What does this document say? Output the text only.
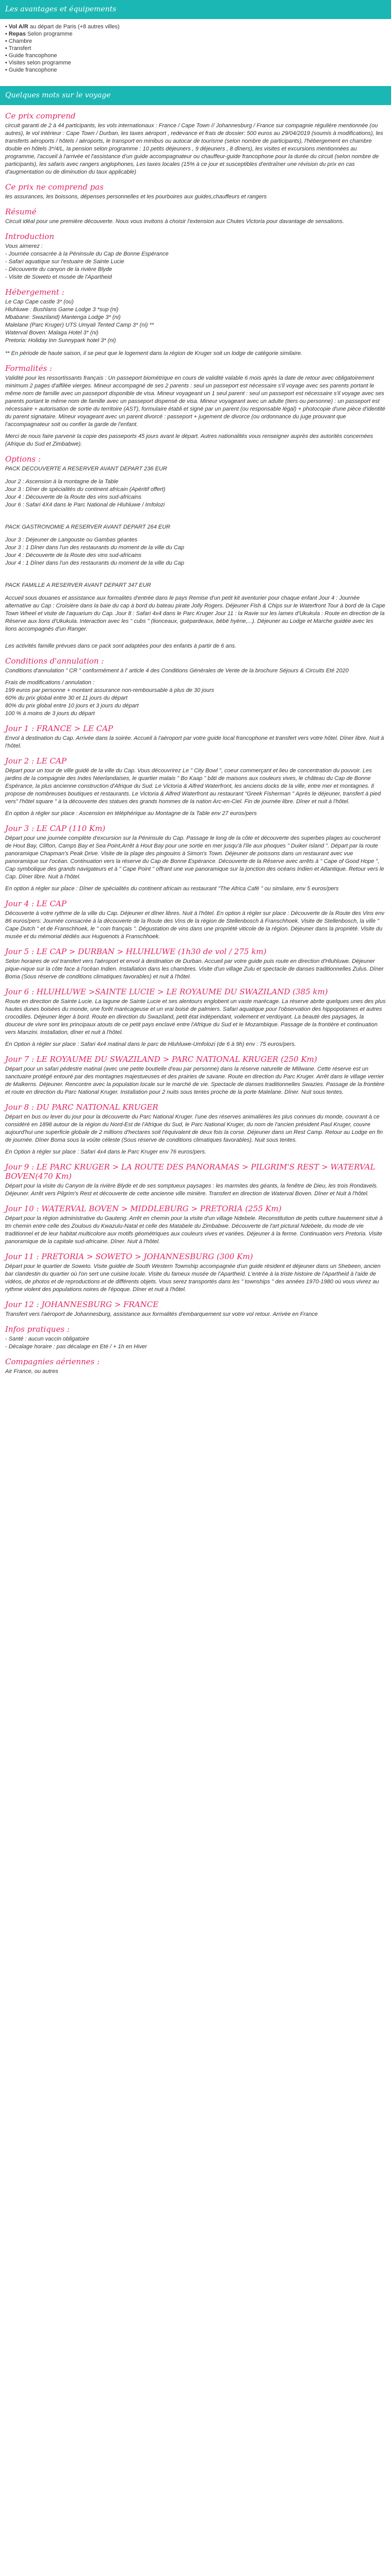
Les avantages et équipements
• Vol A/R au départ de Paris (+8 autres villes)
• Repas Selon programme
• Chambre
• Transfert
• Guide francophone
• Visites selon programme
• Guide francophone
Quelques mots sur le voyage
Ce prix comprend

circuit garanti de 2 à 44 participants, les vols internationaux : France / Cape Town // Johannesburg / France sur compagnie régulière mentionnée (ou autres), le vol intérieur : Cape Town / Durban, les taxes aéroport , redevance et frais de dossier: 500 euros au 29/04/2019 (soumis à modifications), les transferts aéroports / hôtels / aéroports, le transport en minibus ou autocar de tourisme (selon nombre de participants), l'hébergement en chambre double en hôtels 3*/4/L, la pension selon programme : 10 petits déjeuners , 9 déjeuners , 8 dîners), les visites et excursions mentionnées au programme, l'accueil à l'arrivée et l'assistance d'un guide accompagnateur ou chauffeur-guide francophone pour la durée du circuit (selon nombre de participants), les safaris avec rangers anglophones, Les taxes locales (15% à ce jour et susceptibles d'entraîner une révision du prix en cas d'augmentation ou de diminution du taux applicable)

Ce prix ne comprend pas

les assurances, les boissons, dépenses personnelles et les pourboires aux guides,chauffeurs et rangers

Résumé

Circuit idéal pour une première découverte. Nous vous invitons à choisir l'extension aux Chutes Victoria pour davantage de sensations.

Introduction
Vous aimerez :
- Journée consacrée à la Péninsule du Cap de Bonne Espérance
- Safari aquatique sur l'estuaire de Sainte Lucie
- Découverte du canyon de la rivière Blyde
- Visite de Soweto et musée de l'Apartheid
Hébergement :
Le Cap Cape castle 3* (ou)
Hluhluwe : Bushlans Game Lodge 3 *sup (ni)
Mbabane: Swaziland) Mantenga Lodge 3* (ni)
Malelane (Parc Kruger) UTS Umyali Tented Camp 3* (ni) **
Waterval Boven: Malaga Hotel 3* (ni)
Pretoria: Holiday Inn Sunnypark hotel 3* (ni)
** En période de haute saison, il se peut que le logement dans la région de Kruger soit un lodge de catégorie similaire.
Formalités :

Validité pour les ressortissants français : Un passeport biométrique en cours de validité valable 6 mois après la date de retour avec obligatoirement minimum 2 pages d'affilée vierges. Mineur accompagné de ses 2 parents : seul un passeport est nécessaire s'il voyage avec ses parents portant le même nom de famille avec un passeport disponible de visa. Mineur voyageant un 1 seul parent : seul un passeport est nécessaire s'il voyage avec ses parents portant le même nom de famille avec un passeport dispensé de visa. Mineur voyageant avec un adulte (tiers ou personne) : un passeport est nécessaire + autorisation de sortie du territoire (AST), formulaire établi et signé par un parent (ou responsable légal) + photocopie d'une pièce d'identité du parent signataire. Mineur voyageant avec un parent divorcé : passeport + jugement de divorce (ou ordonnance du juge prouvant que l'accompagnateur soit ou confier la garde de l'enfant.

Merci de nous faire parvenir la copie des passeports 45 jours avant le départ. Autres nationalités vous renseigner auprès des autorités concernées (Afrique du Sud et Zimbabwe).

Options :
PACK DECOUVERTE A RESERVER AVANT DEPART 236 EUR
Jour 2 : Ascension à la montagne de la Table
Jour 3 : Dîner de spécialités du continent africain (Apéritif offert)
Jour 4 : Découverte de la Route des vins sud-africains
Jour 6 : Safari 4X4 dans le Parc National de Hluhluwe / Imfolozi
PACK GASTRONOMIE A RESERVER AVANT DEPART 264 EUR
Jour 3 : Déjeuner de Langouste ou Gambas géantes
Jour 3 : 1 Dîner dans l'un des restaurants du moment de la ville du Cap
Jour 4 : Découverte de la Route des vins sud-africains
Jour 4 : 1 Dîner dans l'un des restaurants du moment de la ville du Cap
PACK FAMILLE A RESERVER AVANT DEPART 347 EUR

Accueil sous douanes et assistance aux formalités d'entrée dans le pays Remise d'un petit kit aventurier pour chaque enfant Jour 4 : Journée alternative au Cap : Croisière dans la baie du cap à bord du bateau pirate Jolly Rogers. Déjeuner Fish & Chips sur le Waterfront Tour à bord de la Cape Town Wheel et visite de l'aquarium du Cap. Jour 8 : Safari 4x4 dans le Parc Kruger Jour 11 : la Ravie sur les lames d'Ukukula : Route en direction de la Réserve aux lions d'Ukukula. Interaction avec les " cubs " (lionceaux, guépardeaux, bébé hyène,...). Déjeuner au Lodge et Marche guidée avec les lions accompagnés d'un Ranger.

Les activités famille prévues dans ce pack sont adaptées pour des enfants à partir de 6 ans.

Conditions d'annulation :

Conditions d'annulation " CR " conformément à l' article 4 des Conditions Générales de Vente de la brochure Séjours & Circuits Eté 2020

Frais de modifications / annulation :
199 euros par personne + montant assurance non-remboursable à plus de 30 jours
60% du prix global entre 30 et 11 jours du départ
80% du prix global entre 10 jours et 3 jours du départ
100 % à moins de 3 jours du départ
Jour 1 : FRANCE > LE CAP

Envol à destination du Cap. Arrivée dans la soirée. Accueil à l'aéroport par votre guide local francophone et transfert vers votre hôtel. Dîner libre. Nuit à l'hôtel.

Jour 2 : LE CAP

Départ pour un tour de ville guidé de la ville du Cap. Vous découvrirez Le " City Bowl ", coeur commerçant et lieu de concentration du pouvoir. Les jardins de la compagnie des Indes Néerlandaises, le quartier malais " Bo Kaap " bâti de maisons aux couleurs vives, le château du Cap de Bonne Espérance, la plus ancienne construction d'Afrique du Sud. Le Victoria & Alfred Waterfront, les anciens docks de la ville, entre mer et montagnes. Il propose de nombreuses boutiques et restaurants. Le Victoria & Alfred Waterfront au restaurant "Greek Fisherman " Après le déjeuner, transfert à pied vers" l'hôtel square " à la découverte des statues des grands hommes de la nation Arc-en-Ciel. Fin de journée libre. Dîner et nuit à l'hôtel.

En option à régler sur place : Ascension en téléphérique au Montagne de la Table env 27 euros/pers

Jour 3 : LE CAP (110 Km)

Départ pour une journée complète d'excursion sur la Péninsule du Cap. Passage le long de la côte et découverte des superbes plages au coucheront de Hout Bay, Clifton, Camps Bay et Sea Point,Arrêt à Hout Bay pour une sortie en mer jusqu'à l'île aux phoques " Duiker Island ". Départ par la route panoramique Chapman's Peak Drive. Visite de la plage des pingouins à Simon's Town. Déjeuner de poissons dans un restaurant avec vue panoramique sur l'océan. Continuation vers la réserve du Cap de Bonne Espérance. Découverte de la Réserve avec arrêts à " Cape of Good Hope ", Cap symbolique des grands navigateurs et à " Cape Point " offrant une vue panoramique sur la jonction des océans Indien et Atlantique. Retour vers le Cap. Dîner libre. Nuit à l'hôtel.

En option à régler sur place : Dîner de spécialités du continent africain au restaurant "The Africa Café " ou similaire, env 5 euros/pers

Jour 4 : LE CAP

Découverte à votre rythme de la ville du Cap. Déjeuner et dîner libres. Nuit à l'hôtel. En option à régler sur place : Découverte de la Route des Vins env 86 euros/pers: Journée consacrée à la découverte de la Route des Vins de la région de Stellenbosch à Franschhoek. Visite de Stellenbosch, la ville " Cape Dutch " et de Franschhoek, le " coin français ". Dégustation de vins dans une propriété viticole de la région. Déjeuner dans la propriété. Visite du musée et du mémorial dédiés aux Huguenots à Franschhoek.

Jour 5 : LE CAP > DURBAN > HLUHLUWE (1h30 de vol / 275 km)

Selon horaires de vol transfert vers l'aéroport et envol à destination de Durban. Accueil par votre guide puis route en direction d'Hluhluwe. Déjeuner pique-nique sur la côte face à l'océan Indien. Installation dans les chambres. Visite d'un village Zulu et spectacle de danses traditionnelles Zulus. Dîner Boma (Sous réserve de conditions climatiques favorables) et nuit à l'hôtel.

Jour 6 : HLUHLUWE >SAINTE LUCIE > LE ROYAUME DU SWAZILAND (385 km)

Route en direction de Sainte Lucie. La lagune de Sainte Lucie et ses alentours englobent un vaste marécage. La réserve abrite quelques unes des plus hautes dunes boisées du monde, une forêt marécageuse et un vrai boisé de palmiers. Safari aquatique pour l'observation des hippopotames et autres crocodiles. Déjeuner léger à bord. Route en direction du Swaziland, petit état indépendant, voilement et verdoyant. La beauté des paysages, la douceur de vivre sont les principaux atouts de ce petit pays enclavé entre l'Afrique du Sud et le Mozambique. Passage de la frontière et continuation vers Manzini. Installation, dîner et nuit à l'hôtel.

En Option à régler sur place : Safari 4x4 matinal dans le parc de Hluhluwe-Umfolozi (de 6 à 9h) env : 75 euros/pers.

Jour 7 : LE ROYAUME DU SWAZILAND > PARC NATIONAL KRUGER (250 Km)

Départ pour un safari pédestre matinal (avec une petite boutielle d'eau par personne) dans la réserve naturelle de Mlilwane. Cette réserve est un sanctuaire protégé entouré par des montagnes majestueuses et des prairies de savane. Route en direction du Parc Kruger. Arrêt dans le village verrier de Malkerns. Déjeuner. Rencontre avec la population locale sur le marché de vie. Spectacle de danses traditionnelles Swazies. Passage de la frontière et route en direction du Parc National Kruger. Installation pour 2 nuits sous tentes proche de la porte Malelane. Dîner. Nuit sous tentes.

Jour 8 : DU PARC NATIONAL KRUGER

Départ en bus ou lever du jour pour la découverte du Parc National Kruger. l'une des réserves animalières les plus connues du monde, couvrant à ce considéré en 1898 autour de la région du Nord-Est de l'Afrique du Sud, le Parc National Kruger, du nom de l'ancien président Paul Kruger, couvre aujourd'hui une superficie globale de 2 millions d'hectares soit l'équivalent de deux fois la corse. Déjeuner dans un Rest Camp. Retour au Lodge en fin de journée. Dîner Boma sous la voûte céleste (Sous réserve de conditions climatiques favorables). Nuit sous tentes.

En Option à régler sur place : Safari 4x4 dans le Parc Kruger env 76 euros/pers.

Jour 9 : LE PARC KRUGER > LA ROUTE DES PANORAMAS > PILGRIM'S REST > WATERVAL BOVEN(470 Km)

Départ pour la visite du Canyon de la rivière Blyde et de ses somptueux paysages : les marmites des géants, la fenêtre de Dieu, les trois Rondavels. Déjeuner. Arrêt vers Pilgrim's Rest et découverte de cette ancienne ville minière. Transfert en direction de Waterval Boven. Dîner et Nuit à l'hôtel.

Jour 10 : WATERVAL BOVEN > MIDDLEBURG > PRETORIA (255 Km)

Départ pour la région administrative du Gauteng. Arrêt en chemin pour la visite d'un village Ndebele. Reconstitution de petits culture hautement situé à tm chemin entre celle des Zoulous du Kwazulu-Natal et celle des Matabele du Zimbabwe. Découverte de l'art pictural Ndebele, du mode de vie traditionnel et de leur habitat multicolore aux motifs géométriques aux couleurs vives et variées. Déjeuner à la ferme. Continuation vers Pretoria. Visite panoramique de la capitale sud-africaine. Dîner. Nuit à l'hôtel.

Jour 11 : PRETORIA > SOWETO > JOHANNESBURG (300 Km)

Départ pour le quartier de Soweto. Visite guidée de South Western Township accompagnée d'un guide résident et déjeuner dans un Shebeen, ancien bar clandestin du quartier où l'on sert une cuisine locale. Visite du fameux musée de l'Apartheid. L'entrée à la triste histoire de l'Apartheid à l'aide de vidéos, de photos et de reproductions et de différents objets. Vous serez transportés dans les " townships " des années 1970-1980 où vous vivrez au rythme violent des populations noires de l'époque. Dîner et nuit à l'hôtel.

Jour 12 : JOHANNESBURG > FRANCE

Transfert vers l'aéroport de Johannesburg, assistance aux formalités d'embarquement sur votre vol retour. Arrivée en France

Infos pratiques :
- Santé : aucun vaccin obligatoire
- Décalage horaire : pas décalage en Eté / + 1h en Hiver
Compagnies aériennes :
Air France, ou autres
